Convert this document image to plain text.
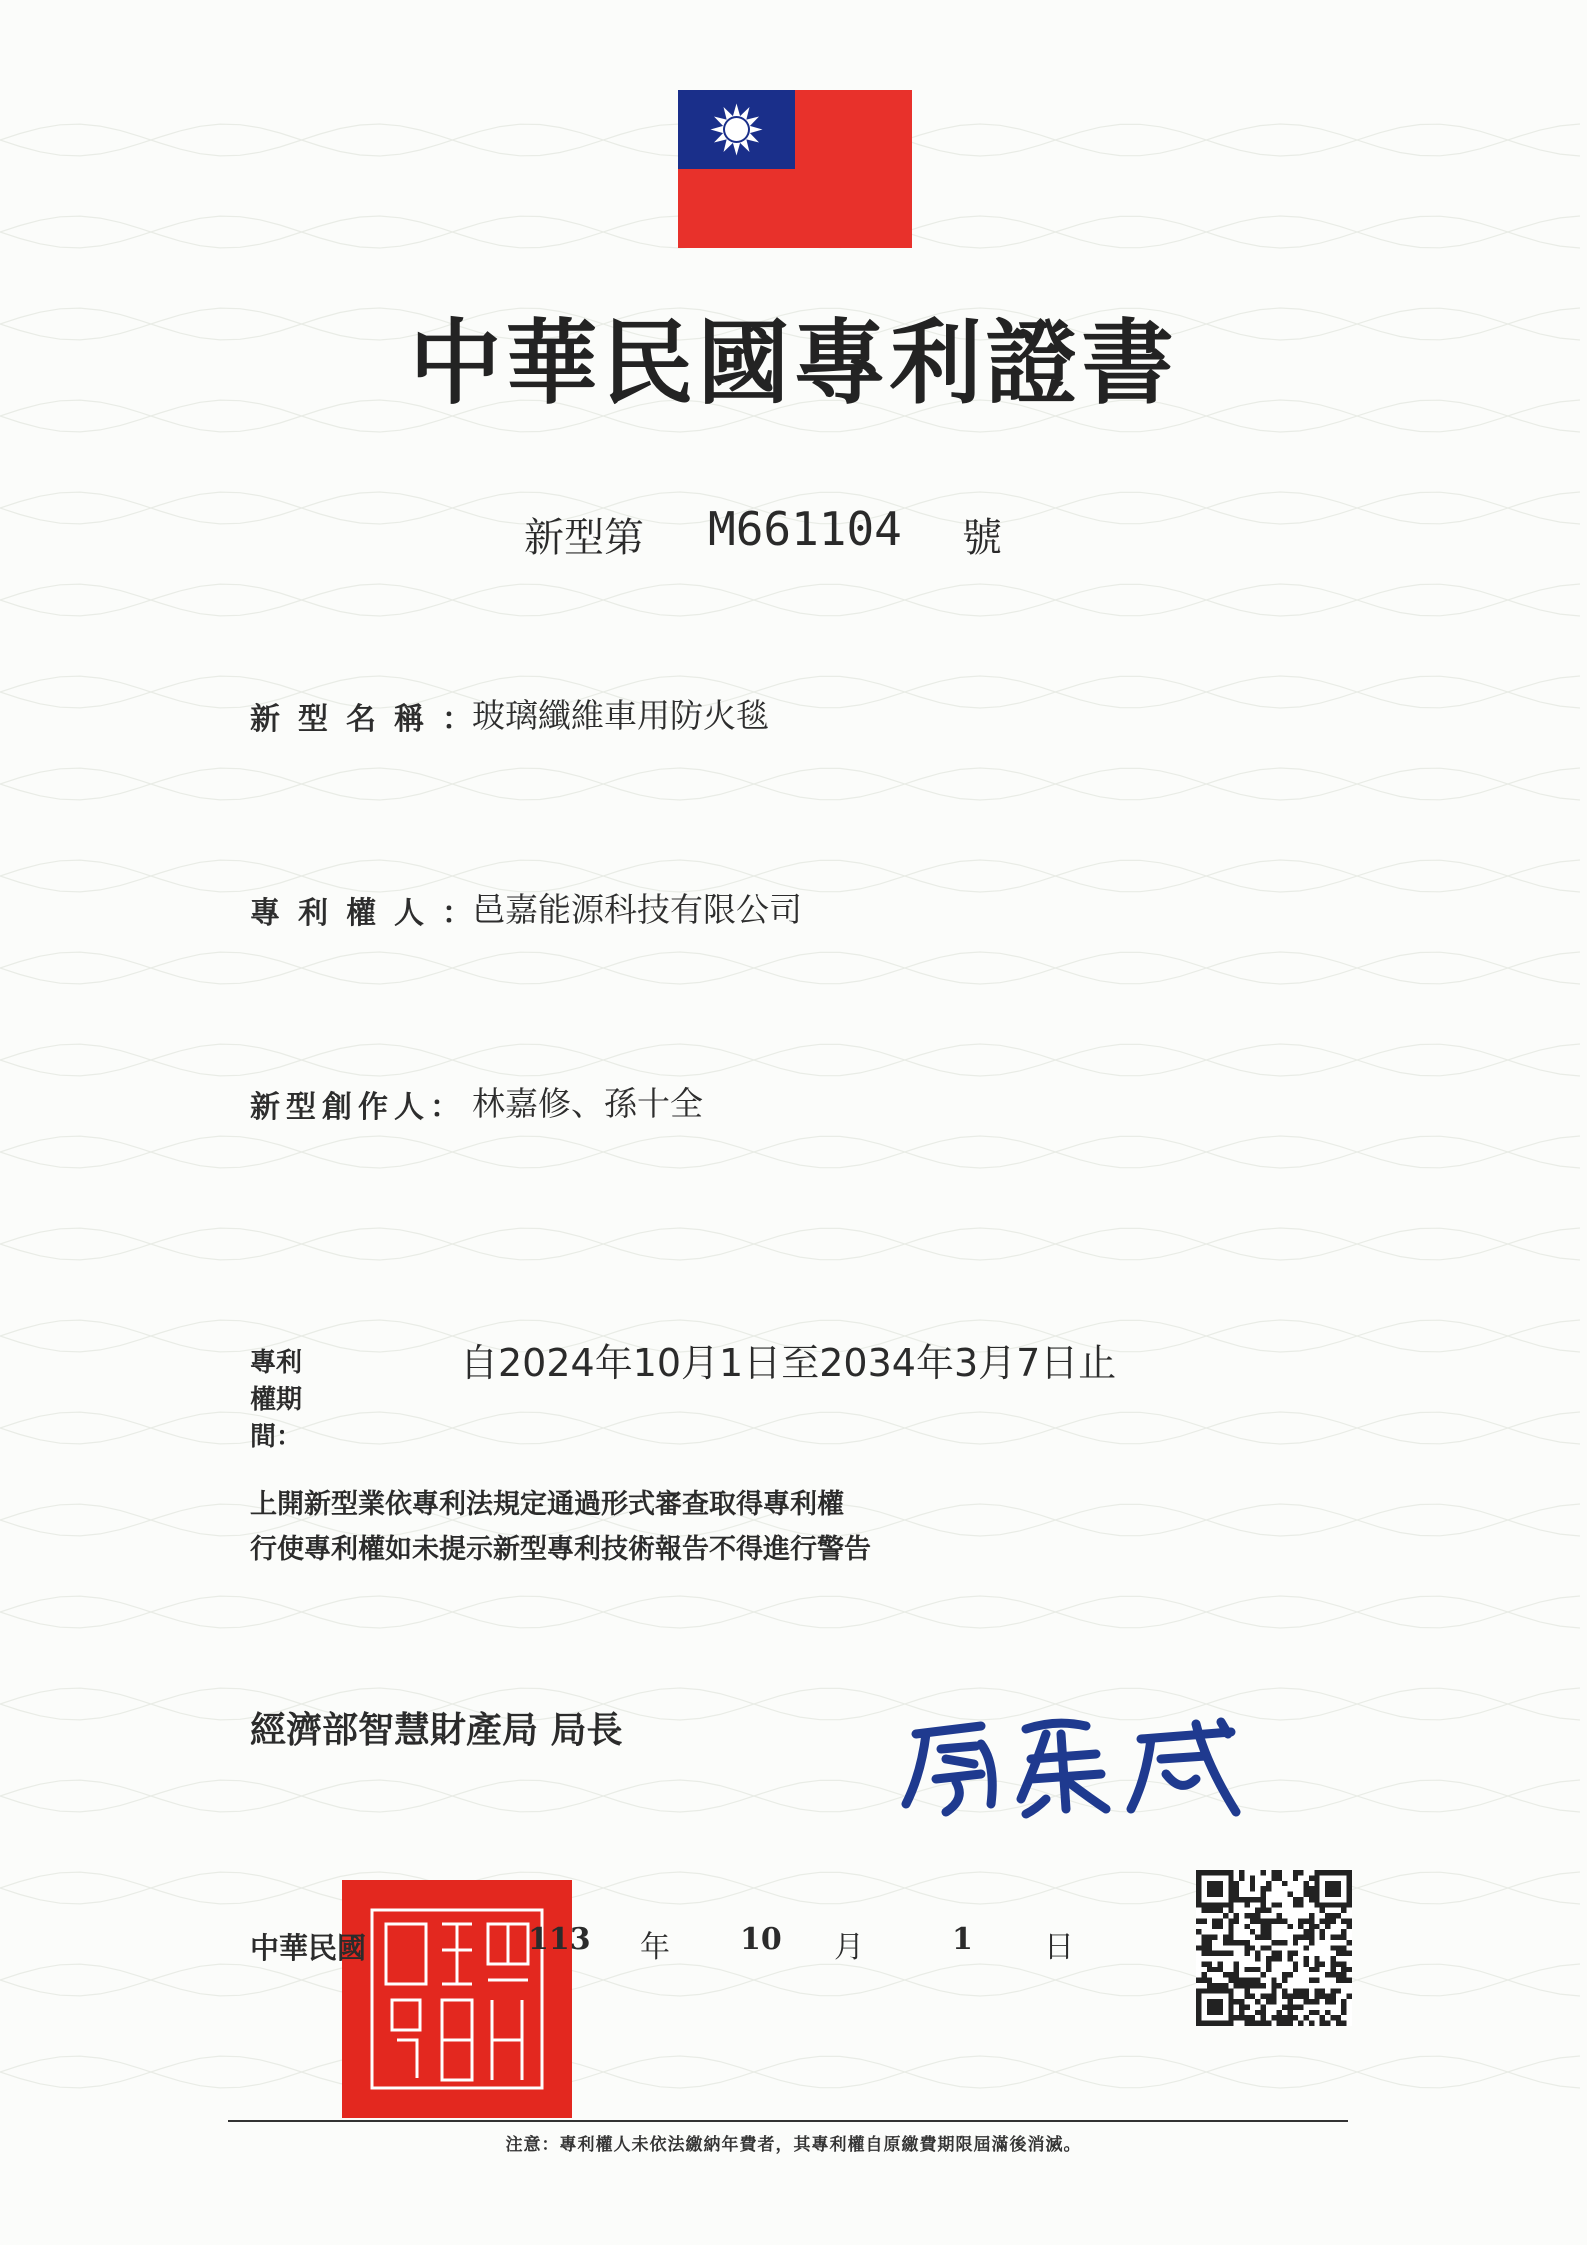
中華民國專利證書
新型第 M661104 號
新型名稱：
玻璃纖維車用防火毯
專利權人：
邑嘉能源科技有限公司
新型創作人： 林嘉修、孫十全
專利權期間：
自2024年10月1日至2034年3月7日止
上開新型業依專利法規定通過形式審查取得專利權
行使專利權如未提示新型專利技術報告不得進行警告
經濟部智慧財產局 局長
中華民國	113 年 10 月	1 日
注意：專利權人未依法繳納年費者，其專利權自原繳費期限屆滿後消滅。
